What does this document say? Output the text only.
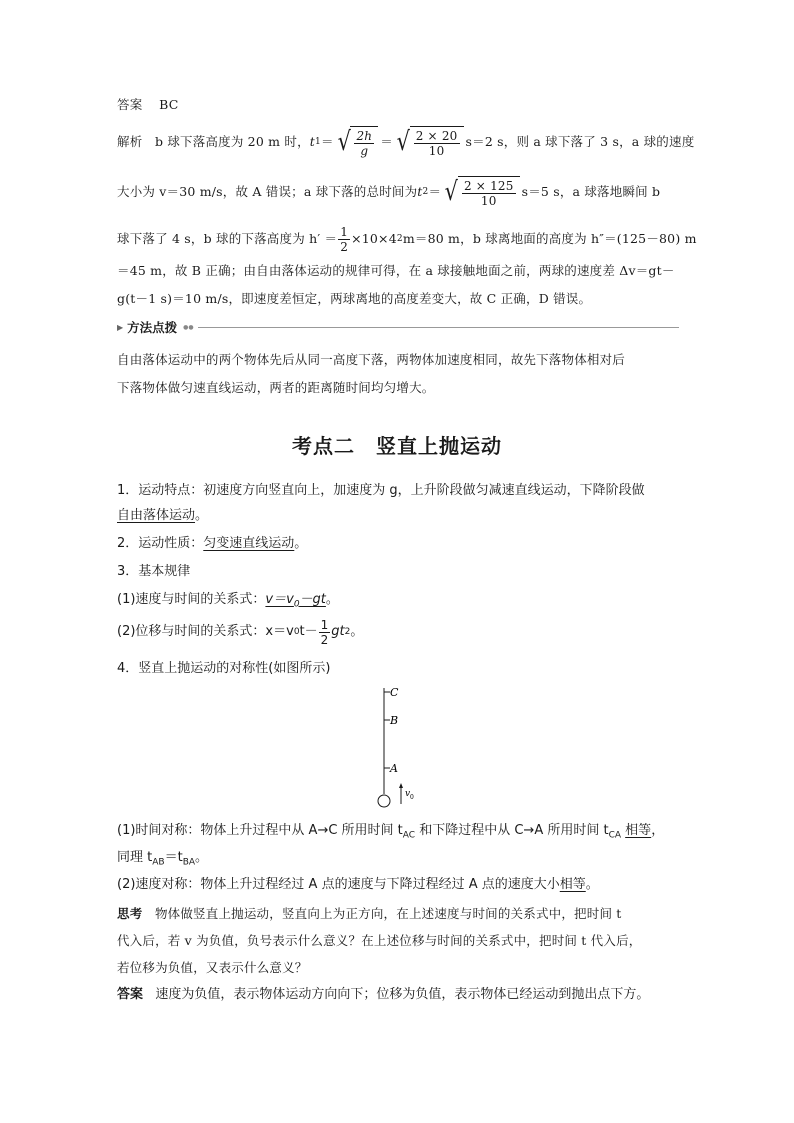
答案 BC
解析
b 球下落高度为 20 m 时， t 1 ＝ √ $\frac{2h}{g}$ ＝ √ $\frac{2 \times 20}{10} s=2$ s，则 a 球下落了 3 s，a 球的速度
大小为 v＝30 m/s，故 A 错误；a 球下落的总时间为 t 2 ＝ √ $\frac{2 \times 125}{10} s=5$ s，a 球落地瞬间 b
球下落了 4 s，b 球的下落高度为 $h' = \frac{1}{2} \times 10\times 4$ 2 m＝80 m，b 球离地面的高度为 h″＝(125－80) m
＝45 m，故 B 正确；由自由落体运动的规律可得，在 a 球接触地面之前，两球的速度差 Δv＝gt－
g(t－1 s)＝10 m/s，即速度差恒定，两球离地的高度差变大，故 C 正确，D 错误。
▶ 方法点拨 ●●
自由落体运动中的两个物体先后从同一高度下落，两物体加速度相同，故先下落物体相对后
下落物体做匀速直线运动，两者的距离随时间均匀增大。
考点二　竖直上抛运动
1．运动特点：初速度方向竖直向上，加速度为 g，上升阶段做匀减速直线运动，下降阶段做
自由落体运动。
2．运动性质：匀变速直线运动。
3．基本规律
(1)速度与时间的关系式：$v=v_0-gt$。
(2)位移与时间的关系式：x＝v 0 $t- \frac{1}{2}$ gt 2 。
4．竖直上抛运动的对称性(如图所示)
C
B
A
v 0
(1)时间对称：物体上升过程中从 A→C 所用时间 $t_{AC}$ 和下降过程中从 C→A 所用时间 $t_{CA}$ 相等，
同理 $t_{AB}=t_{BA}$。
(2)速度对称：物体上升过程经过 A 点的速度与下降过程经过 A 点的速度大小相等。
思考 物体做竖直上抛运动，竖直向上为正方向，在上述速度与时间的关系式中，把时间 t
代入后，若 v 为负值，负号表示什么意义？在上述位移与时间的关系式中，把时间 t 代入后，
若位移为负值，又表示什么意义？
答案 速度为负值，表示物体运动方向向下；位移为负值，表示物体已经运动到抛出点下方。
